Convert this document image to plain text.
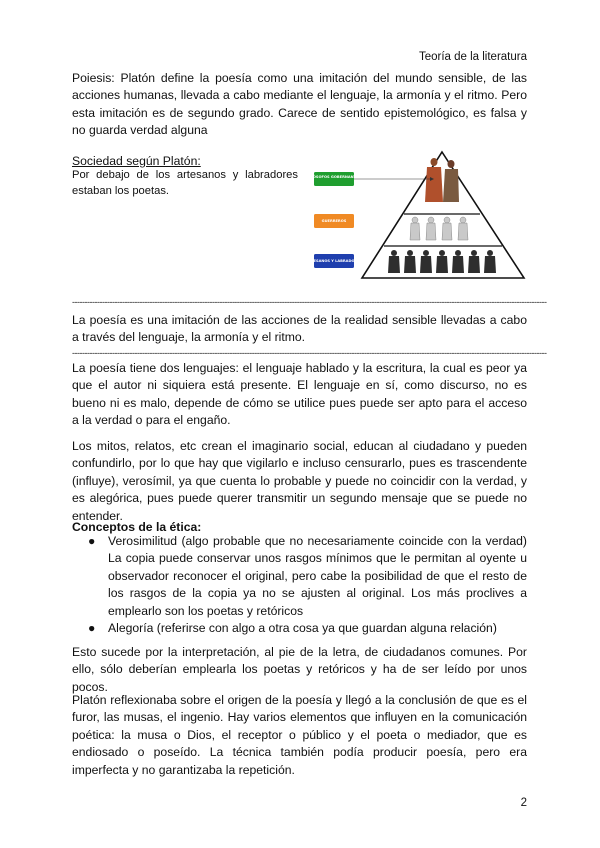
Teoría de la literatura
Poiesis: Platón define la poesía como una imitación del mundo sensible, de las acciones humanas, llevada a cabo mediante el lenguaje, la armonía y el ritmo. Pero esta imitación es de segundo grado. Carece de sentido epistemológico, es falsa y no guarda verdad alguna
Sociedad según Platón:
Por debajo de los artesanos y labradores estaban los poetas.
FILÓSOFOS GOBERNANTES
GUERREROS
ARTESANOS Y LABRADORES
----------------------------------------------------------------------------------------------------------------------------------------------------------------------------------------------
La poesía es una imitación de las acciones de la realidad sensible llevadas a cabo a través del lenguaje, la armonía y el ritmo.
----------------------------------------------------------------------------------------------------------------------------------------------------------------------------------------------
La poesía tiene dos lenguajes: el lenguaje hablado y la escritura, la cual es peor ya que el autor ni siquiera está presente. El lenguaje en sí, como discurso, no es bueno ni es malo, depende de cómo se utilice pues puede ser apto para el acceso a la verdad o para el engaño.
Los mitos, relatos, etc crean el imaginario social, educan al ciudadano y pueden confundirlo, por lo que hay que vigilarlo e incluso censurarlo, pues es trascendente (influye), verosímil, ya que cuenta lo probable y puede no coincidir con la verdad, y es alegórica, pues puede querer transmitir un segundo mensaje que se puede no entender.
Conceptos de la ética:
● Verosimilitud (algo probable que no necesariamente coincide con la verdad) La copia puede conservar unos rasgos mínimos que le permitan al oyente u observador reconocer el original, pero cabe la posibilidad de que el resto de los rasgos de la copia ya no se ajusten al original. Los más proclives a emplearlo son los poetas y retóricos
● Alegoría (referirse con algo a otra cosa ya que guardan alguna relación)
Esto sucede por la interpretación, al pie de la letra, de ciudadanos comunes. Por ello, sólo deberían emplearla los poetas y retóricos y ha de ser leído por unos pocos.
Platón reflexionaba sobre el origen de la poesía y llegó a la conclusión de que es el furor, las musas, el ingenio. Hay varios elementos que influyen en la comunicación poética: la musa o Dios, el receptor o público y el poeta o mediador, que es endiosado o poseído. La técnica también podía producir poesía, pero era imperfecta y no garantizaba la repetición.
2
